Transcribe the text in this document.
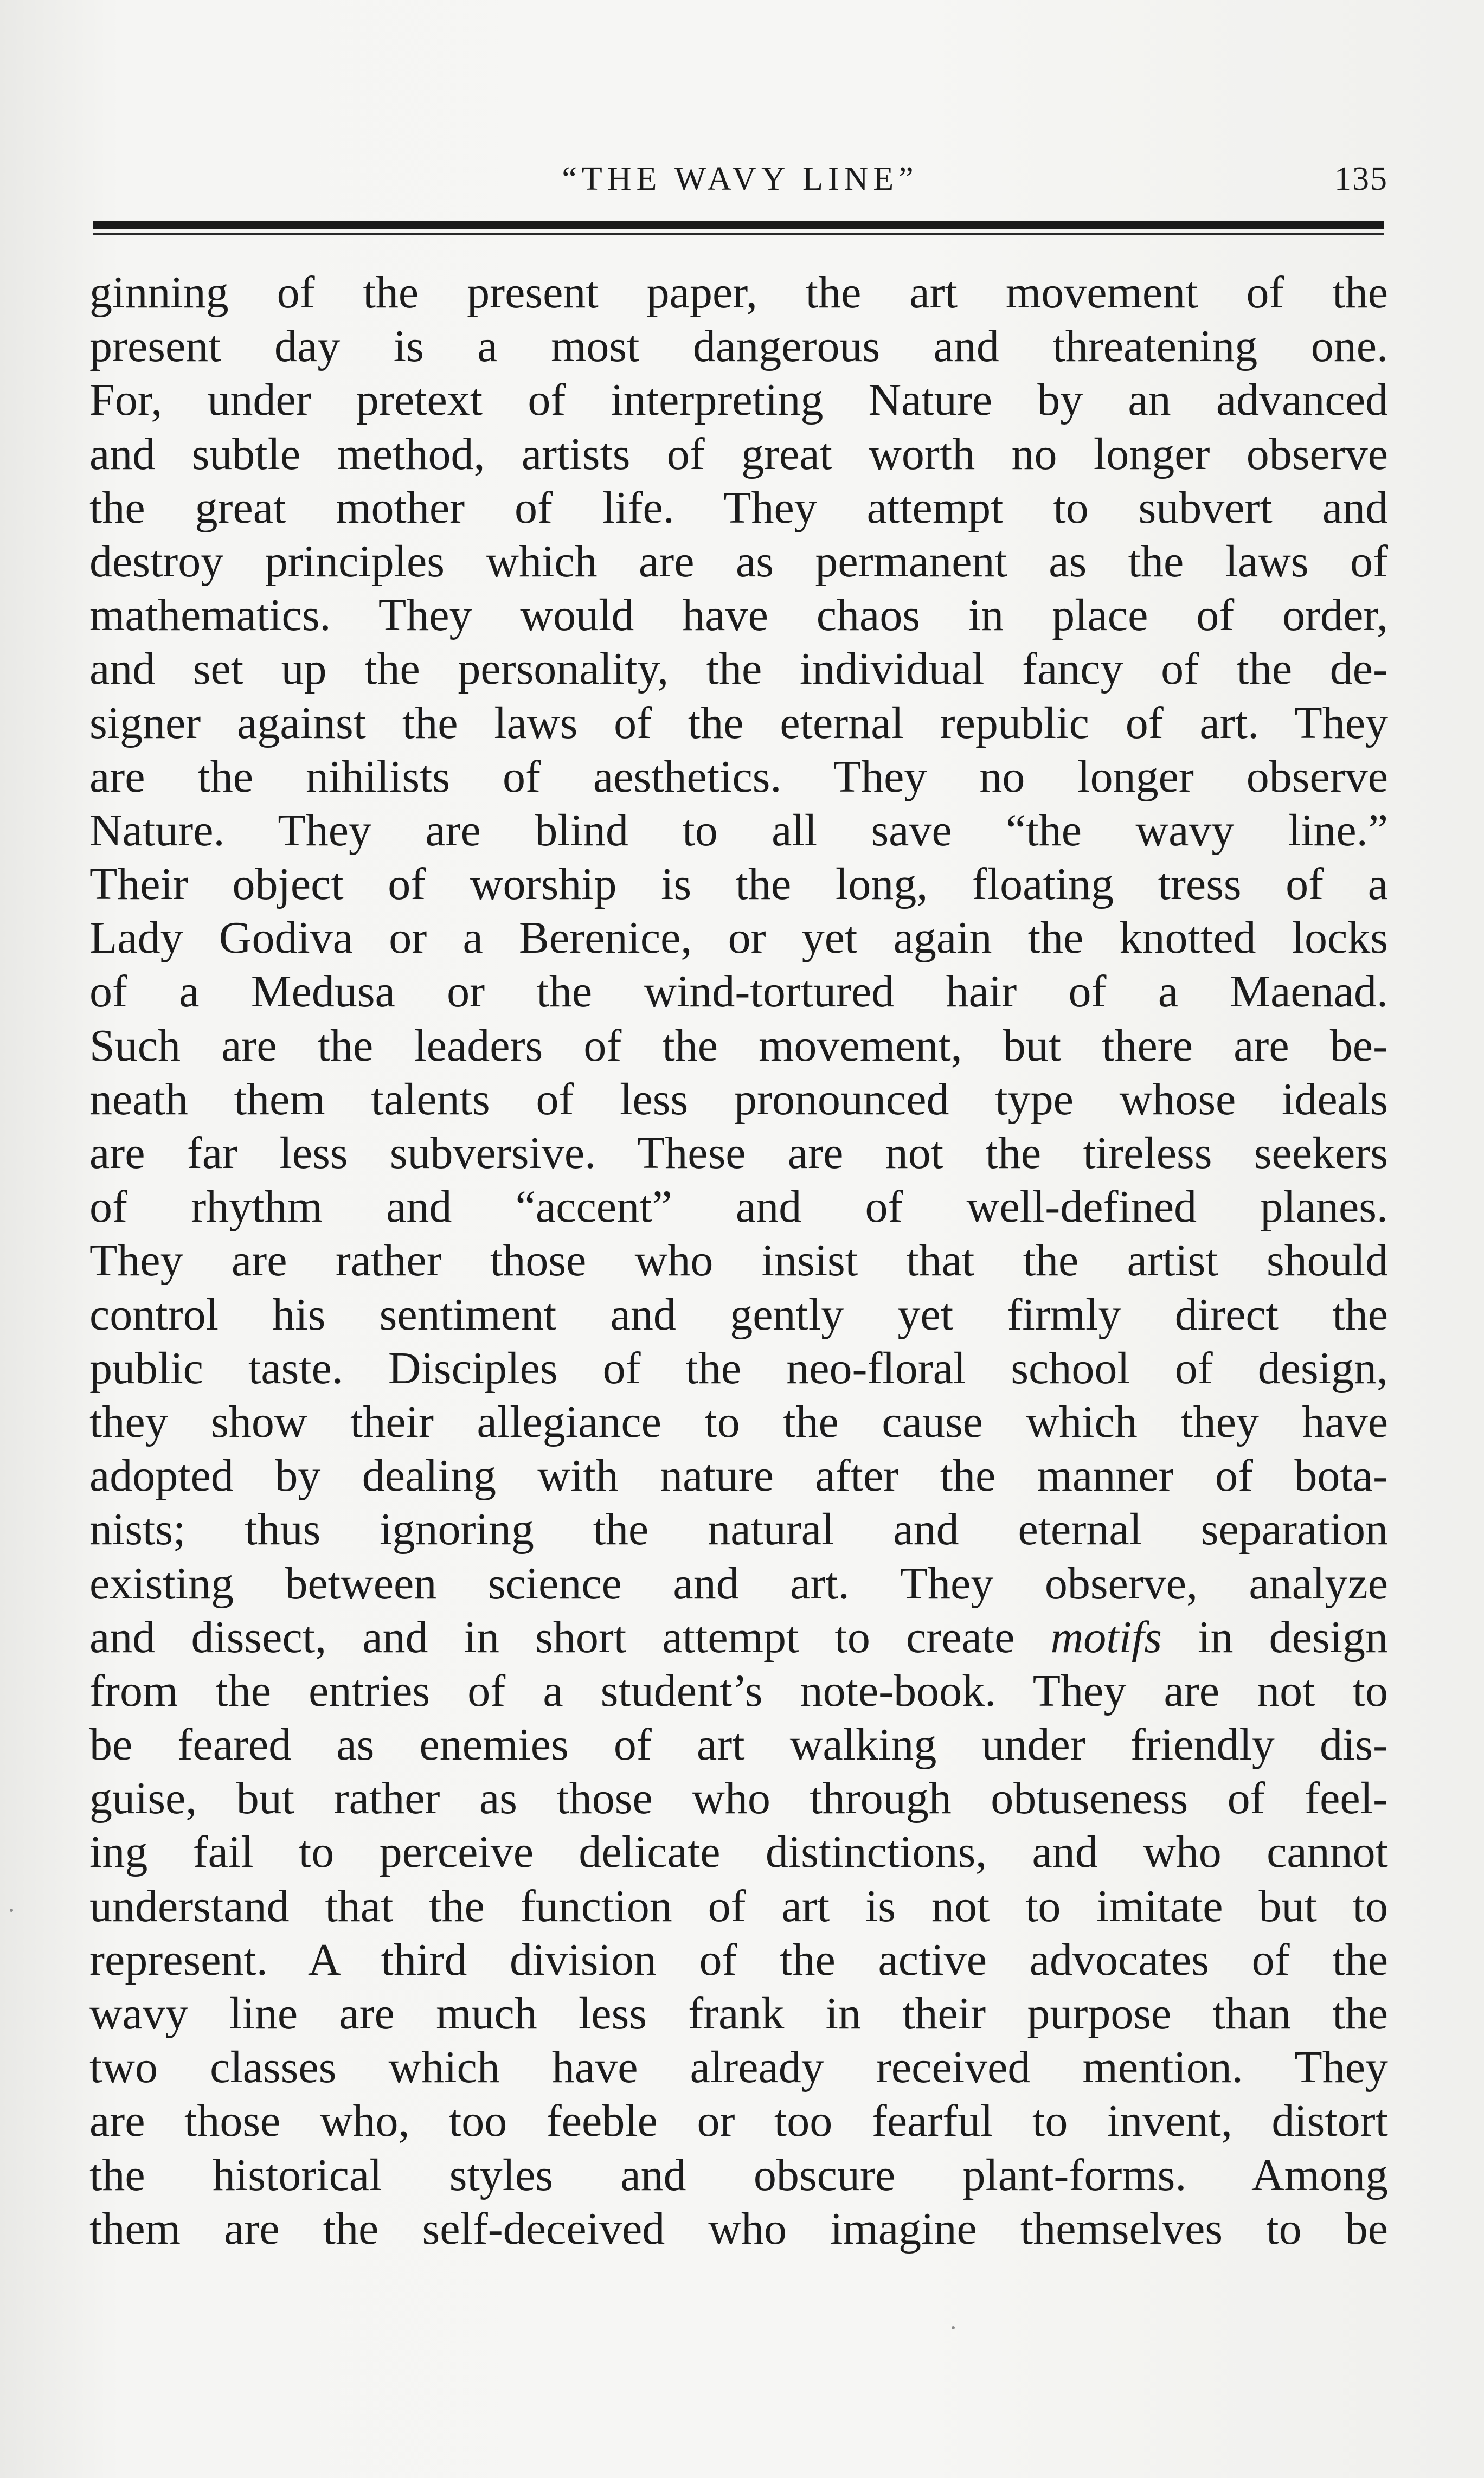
“THE WAVY LINE”	135
ginning of the present paper, the art movement of the
present day is a most dangerous and threatening one.
For, under pretext of interpreting Nature by an advanced
and subtle method, artists of great worth no longer observe
the great mother of life. They attempt to subvert and
destroy principles which are as permanent as the laws of
mathematics. They would have chaos in place of order,
and set up the personality, the individual fancy of the de-
signer against the laws of the eternal republic of art. They
are the nihilists of aesthetics. They no longer observe
Nature. They are blind to all save “the wavy line.”
Their object of worship is the long, floating tress of a
Lady Godiva or a Berenice, or yet again the knotted locks
of a Medusa or the wind-tortured hair of a Maenad.
Such are the leaders of the movement, but there are be-
neath them talents of less pronounced type whose ideals
are far less subversive. These are not the tireless seekers
of rhythm and “accent” and of well-defined planes.
They are rather those who insist that the artist should
control his sentiment and gently yet firmly direct the
public taste. Disciples of the neo-floral school of design,
they show their allegiance to the cause which they have
adopted by dealing with nature after the manner of bota-
nists; thus ignoring the natural and eternal separation
existing between science and art. They observe, analyze
and dissect, and in short attempt to create motifs in design
from the entries of a student’s note-book. They are not to
be feared as enemies of art walking under friendly dis-
guise, but rather as those who through obtuseness of feel-
ing fail to perceive delicate distinctions, and who cannot
understand that the function of art is not to imitate but to
represent. A third division of the active advocates of the
wavy line are much less frank in their purpose than the
two classes which have already received mention. They
are those who, too feeble or too fearful to invent, distort
the historical styles and obscure plant-forms. Among
them are the self-deceived who imagine themselves to be
